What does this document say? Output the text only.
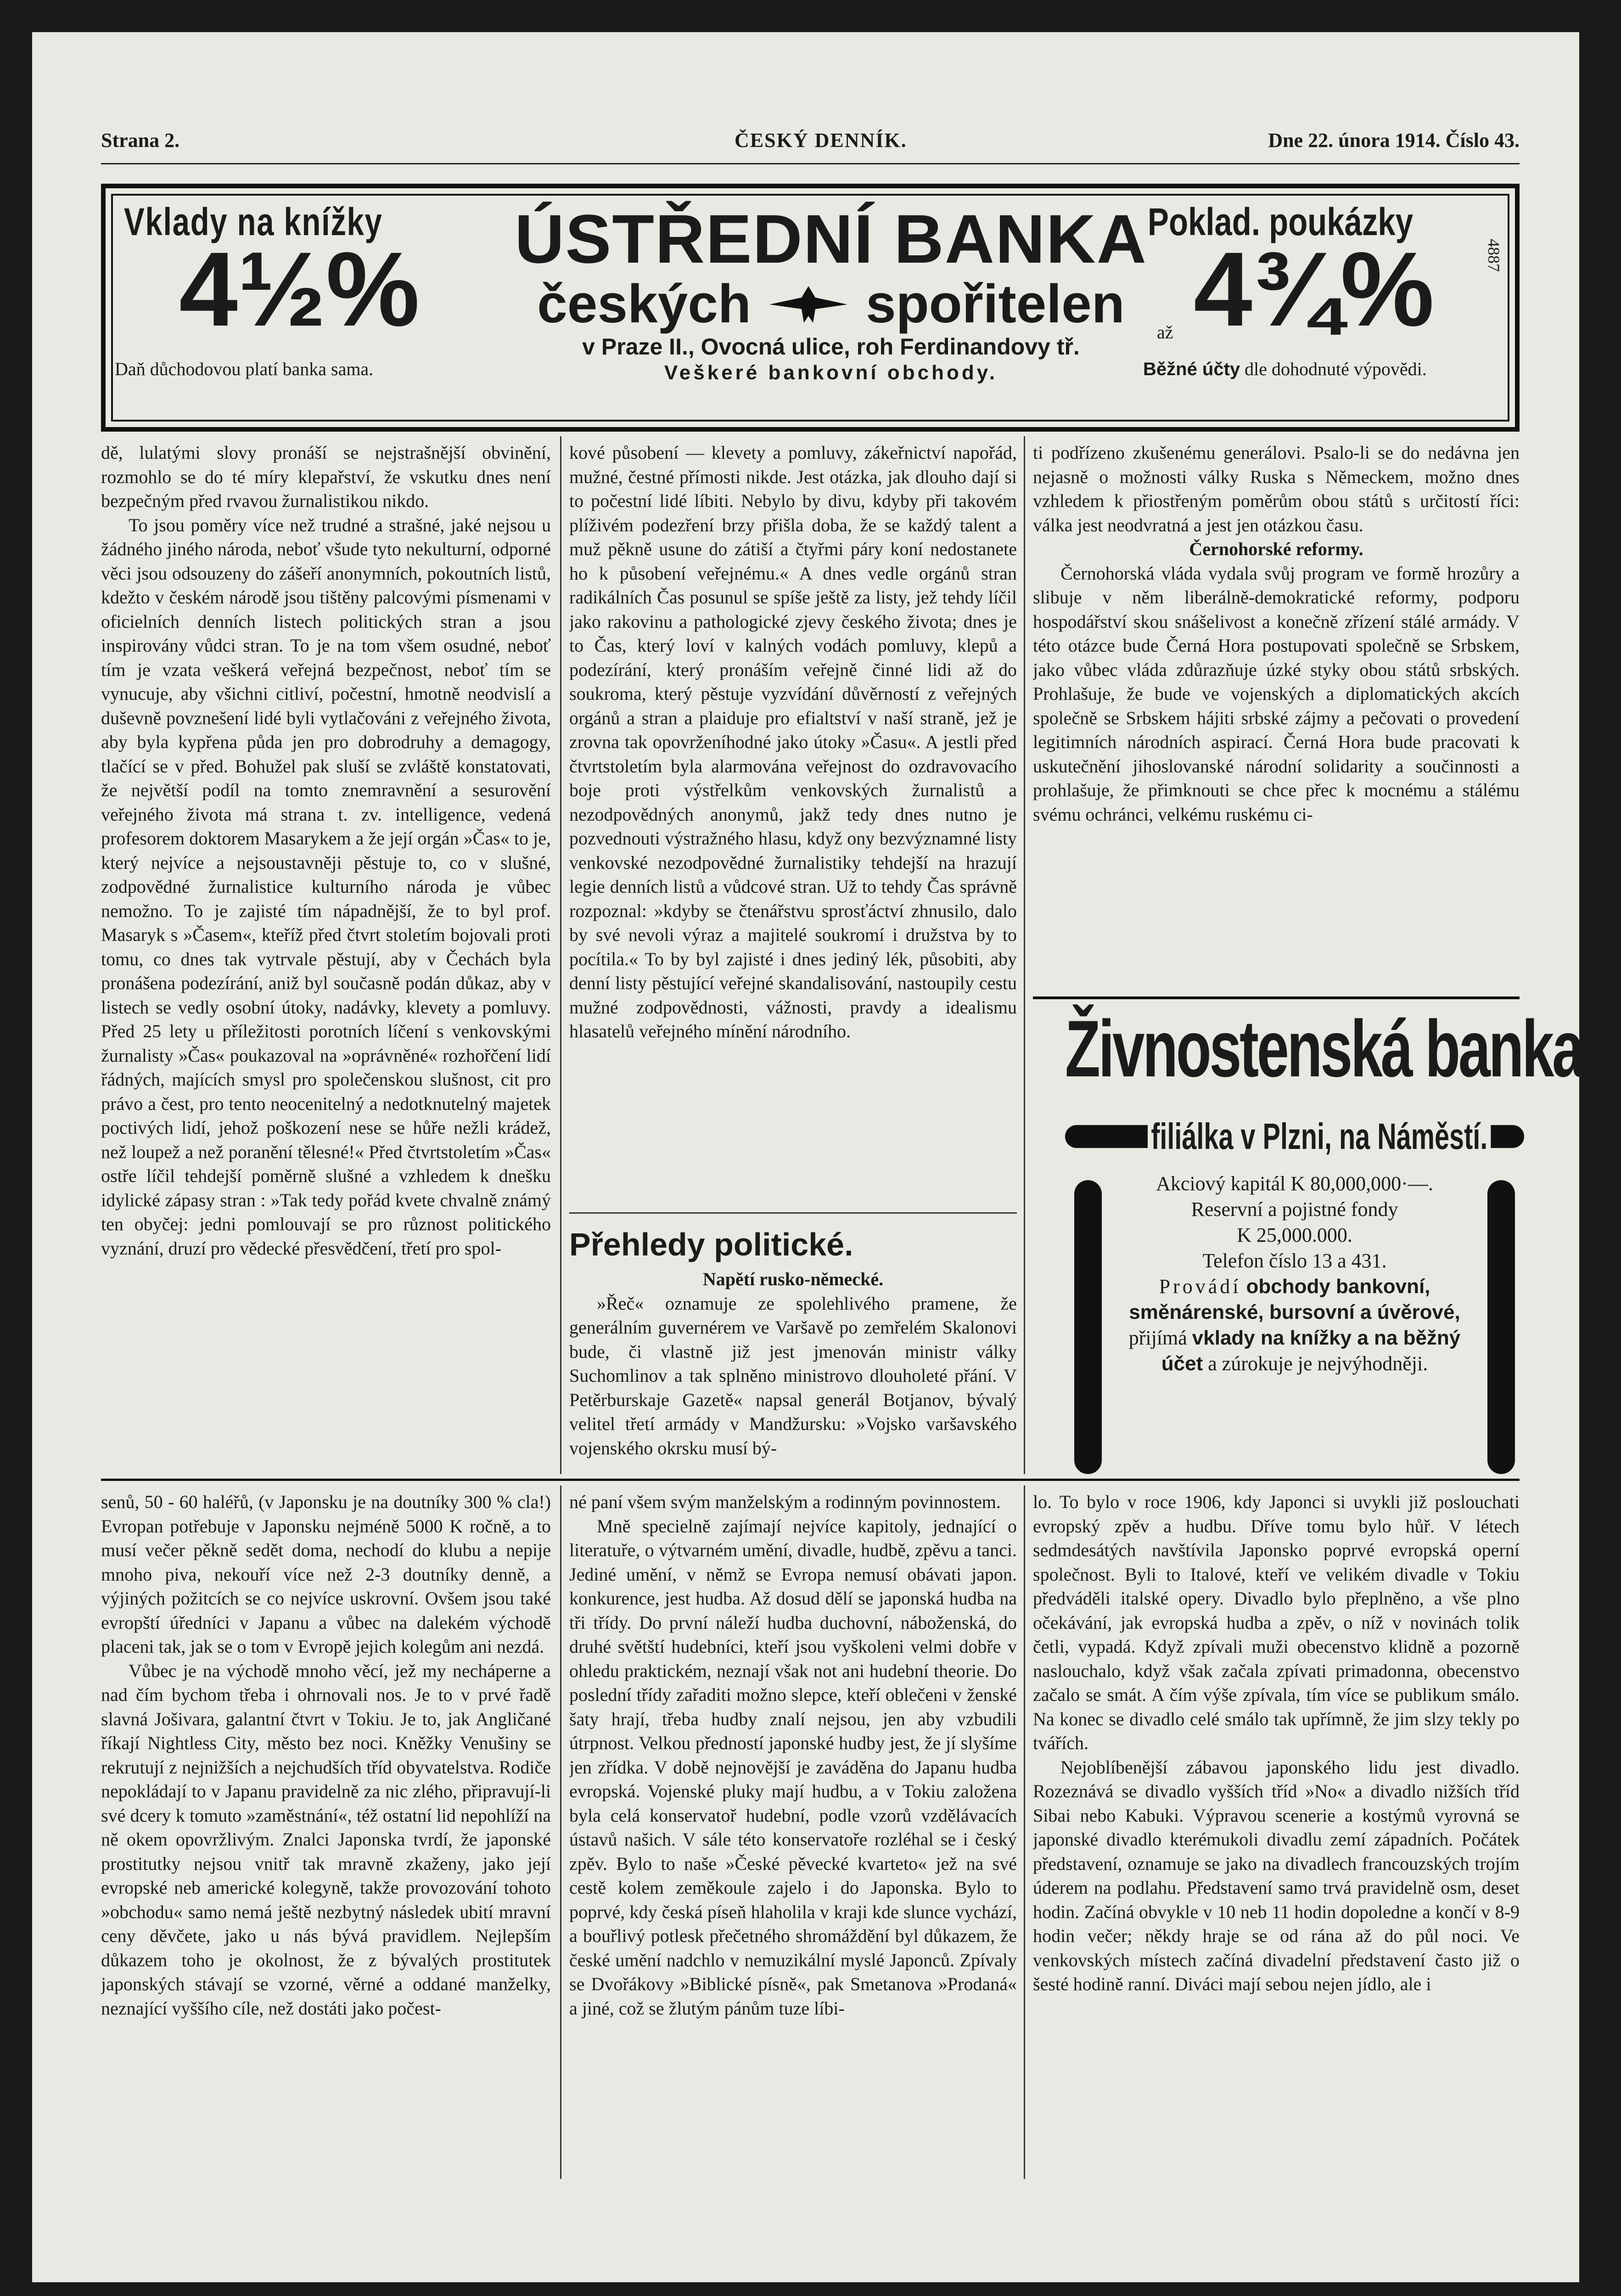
Strana 2.	ČESKÝ DENNÍK.	Dne 22. února 1914. Číslo 43.
Vklady na knížky
4½%
Daň důchodovou platí banka sama.
ÚSTŘEDNÍ BANKA
českých spořitelen
v Praze II., Ovocná ulice, roh Ferdinandovy tř.
Veškeré bankovní obchody.
Poklad. poukázky
až 4¾%	4887
Běžné účty dle dohodnuté výpovědi.

dě, lulatými slovy pronáší se nejstrašnější obvinění, rozmohlo se do té míry klepařství, že vskutku dnes není bezpečným před rvavou žurnalistikou nikdo.

To jsou poměry více než trudné a strašné, jaké nejsou u žádného jiného národa, neboť všude tyto nekulturní, odporné věci jsou odsouzeny do zášeří anonymních, pokoutních listů, kdežto v českém národě jsou tištěny palcovými písmenami v oficielních denních listech politických stran a jsou inspirovány vůdci stran. To je na tom všem osudné, neboť tím je vzata veškerá veřejná bezpečnost, neboť tím se vynucuje, aby všichni citliví, počestní, hmotně neodvislí a duševně povznešení lidé byli vytlačováni z veřejného života, aby byla kypřena půda jen pro dobrodruhy a demagogy, tlačící se v před. Bohužel pak sluší se zvláště konstatovati, že největší podíl na tomto znemravnění a sesurovění veřejného života má strana t. zv. intelligence, vedená profesorem doktorem Masarykem a že její orgán »Čas« to je, který nejvíce a nejsoustavněji pěstuje to, co v slušné, zodpovědné žurnalistice kulturního národa je vůbec nemožno. To je zajisté tím nápadnější, že to byl prof. Masaryk s »Časem«, kteříž před čtvrt stoletím bojovali proti tomu, co dnes tak vytrvale pěstují, aby v Čechách byla pronášena podezírání, aniž byl současně podán důkaz, aby v listech se vedly osobní útoky, nadávky, klevety a pomluvy. Před 25 lety u příležitosti porotních líčení s venkovskými žurnalisty »Čas« poukazoval na »oprávněné« rozhořčení lidí řádných, majících smysl pro společenskou slušnost, cit pro právo a čest, pro tento neocenitelný a nedotknutelný majetek poctivých lidí, jehož poškození nese se hůře nežli krádež, než loupež a než poranění tělesné!« Před čtvrtstoletím »Čas« ostře líčil tehdejší poměrně slušné a vzhledem k dnešku idylické zápasy stran : »Tak tedy pořád kvete chvalně známý ten obyčej: jedni pomlouvají se pro různost politického vyznání, druzí pro vědecké přesvědčení, třetí pro spol-

kové působení — klevety a pomluvy, zákeřnictví napořád, mužné, čestné přímosti nikde. Jest otázka, jak dlouho dají si to počestní lidé líbiti. Nebylo by divu, kdyby při takovém plíživém podezření brzy přišla doba, že se každý talent a muž pěkně usune do zátiší a čtyřmi páry koní nedostanete ho k působení veřejnému.« A dnes vedle orgánů stran radikálních Čas posunul se spíše ještě za listy, jež tehdy líčil jako rakovinu a pathologické zjevy českého života; dnes je to Čas, který loví v kalných vodách pomluvy, klepů a podezírání, který pronáším veřejně činné lidi až do soukroma, který pěstuje vyzvídání důvěrností z veřejných orgánů a stran a plaiduje pro efialtství v naší straně, jež je zrovna tak opovrženíhodné jako útoky »Času«. A jestli před čtvrtstoletím byla alarmována veřejnost do ozdravovacího boje proti výstřelkům venkovských žurnalistů a nezodpovědných anonymů, jakž tedy dnes nutno je pozvednouti výstražného hlasu, když ony bezvýznamné listy venkovské nezodpovědné žurnalistiky tehdejší na hrazují legie denních listů a vůdcové stran. Už to tehdy Čas správně rozpoznal: »kdyby se čtenářstvu sprosťáctví zhnusilo, dalo by své nevoli výraz a majitelé soukromí i družstva by to pocítila.« To by byl zajisté i dnes jediný lék, působiti, aby denní listy pěstující veřejné skandalisování, nastoupily cestu mužné zodpovědnosti, vážnosti, pravdy a idealismu hlasatelů veřejného mínění národního.

Přehledy politické.
Napětí rusko-německé.

»Řeč« oznamuje ze spolehlivého pramene, že generálním guvernérem ve Varšavě po zemřelém Skalonovi bude, či vlastně již jest jmenován ministr války Suchomlinov a tak splněno ministrovo dlouholeté přání. V Petěrburskaje Gazetě« napsal generál Botjanov, bývalý velitel třetí armády v Mandžursku: »Vojsko varšavského vojenského okrsku musí bý-

ti podřízeno zkušenému generálovi. Psalo-li se do nedávna jen nejasně o možnosti války Ruska s Německem, možno dnes vzhledem k přiostřeným poměrům obou států s určitostí říci: válka jest neodvratná a jest jen otázkou času.

Černohorské reformy.

Černohorská vláda vydala svůj program ve formě hrozůry a slibuje v něm liberálně-demokratické reformy, podporu hospodářství skou snášelivost a konečně zřízení stálé armády. V této otázce bude Černá Hora postupovati společně se Srbskem, jako vůbec vláda zdůrazňuje úzké styky obou států srbských. Prohlašuje, že bude ve vojenských a diplomatických akcích společně se Srbskem hájiti srbské zájmy a pečovati o provedení legitimních národních aspirací. Černá Hora bude pracovati k uskutečnění jihoslovanské národní solidarity a součinnosti a prohlašuje, že přimknouti se chce přec k mocnému a stálému svému ochránci, velkému ruskému ci-

Živnostenská banka
filiálka v Plzni, na Náměstí.
Akciový kapitál K 80,000,000·—.
Reservní a pojistné fondy
K 25,000.000.
Telefon číslo 13 a 431.
Provádí obchody bankovní, směnárenské, bursovní a úvěrové, přijímá vklady na knížky a na běžný účet a zúrokuje je nejvýhodněji.

senů, 50 - 60 haléřů, (v Japonsku je na doutníky 300 % cla!) Evropan potřebuje v Japonsku nejméně 5000 K ročně, a to musí večer pěkně sedět doma, nechodí do klubu a nepije mnoho piva, nekouří více než 2-3 doutníky denně, a výjiných požitcích se co nejvíce uskrovní. Ovšem jsou také evropští úředníci v Japanu a vůbec na dalekém východě placeni tak, jak se o tom v Evropě jejich kolegům ani nezdá.

Vůbec je na východě mnoho věcí, jež my necháperne a nad čím bychom třeba i ohrnovali nos. Je to v prvé řadě slavná Jošivara, galantní čtvrt v Tokiu. Je to, jak Angličané říkají Nightless City, město bez noci. Kněžky Venušiny se rekrutují z nejnižších a nejchudších tříd obyvatelstva. Rodiče nepokládají to v Japanu pravidelně za nic zlého, připravují-li své dcery k tomuto »zaměstnání«, též ostatní lid nepohlíží na ně okem opovržlivým. Znalci Japonska tvrdí, že japonské prostitutky nejsou vnitř tak mravně zkaženy, jako její evropské neb americké kolegyně, takže provozování tohoto »obchodu« samo nemá ještě nezbytný následek ubití mravní ceny děvčete, jako u nás bývá pravidlem. Nejlepším důkazem toho je okolnost, že z bývalých prostitutek japonských stávají se vzorné, věrné a oddané manželky, neznající vyššího cíle, než dostáti jako počest-

né paní všem svým manželským a rodinným povinnostem.

Mně specielně zajímají nejvíce kapitoly, jednající o literatuře, o výtvarném umění, divadle, hudbě, zpěvu a tanci. Jediné umění, v němž se Evropa nemusí obávati japon. konkurence, jest hudba. Až dosud dělí se japonská hudba na tři třídy. Do první náleží hudba duchovní, náboženská, do druhé světští hudebníci, kteří jsou vyškoleni velmi dobře v ohledu praktickém, neznají však not ani hudební theorie. Do poslední třídy zařaditi možno slepce, kteří oblečeni v ženské šaty hrají, třeba hudby znalí nejsou, jen aby vzbudili útrpnost. Velkou předností japonské hudby jest, že jí slyšíme jen zřídka. V době nejnovější je zaváděna do Japanu hudba evropská. Vojenské pluky mají hudbu, a v Tokiu založena byla celá konservatoř hudební, podle vzorů vzdělávacích ústavů našich. V sále této konservatoře rozléhal se i český zpěv. Bylo to naše »České pěvecké kvarteto« jež na své cestě kolem zeměkoule zajelo i do Japonska. Bylo to poprvé, kdy česká píseň hlaholila v kraji kde slunce vychází, a bouřlivý potlesk přečetného shromáždění byl důkazem, že české umění nadchlo v nemuzikální myslé Japonců. Zpívaly se Dvořákovy »Biblické písně«, pak Smetanova »Prodaná« a jiné, což se žlutým pánům tuze líbi-

lo. To bylo v roce 1906, kdy Japonci si uvykli již poslouchati evropský zpěv a hudbu. Dříve tomu bylo hůř. V létech sedmdesátých navštívila Japonsko poprvé evropská operní společnost. Byli to Italové, kteří ve velikém divadle v Tokiu předváděli italské opery. Divadlo bylo přeplněno, a vše plno očekávání, jak evropská hudba a zpěv, o níž v novinách tolik četli, vypadá. Když zpívali muži obecenstvo klidně a pozorně naslouchalo, když však začala zpívati primadonna, obecenstvo začalo se smát. A čím výše zpívala, tím více se publikum smálo. Na konec se divadlo celé smálo tak upřímně, že jim slzy tekly po tvářích.

Nejoblíbenější zábavou japonského lidu jest divadlo. Rozeznává se divadlo vyšších tříd »No« a divadlo nižších tříd Sibai nebo Kabuki. Výpravou scenerie a kostýmů vyrovná se japonské divadlo kterémukoli divadlu zemí západních. Počátek představení, oznamuje se jako na divadlech francouzských trojím úderem na podlahu. Představení samo trvá pravidelně osm, deset hodin. Začíná obvykle v 10 neb 11 hodin dopoledne a končí v 8-9 hodin večer; někdy hraje se od rána až do půl noci. Ve venkovských místech začíná divadelní představení často již o šesté hodině ranní. Diváci mají sebou nejen jídlo, ale i
